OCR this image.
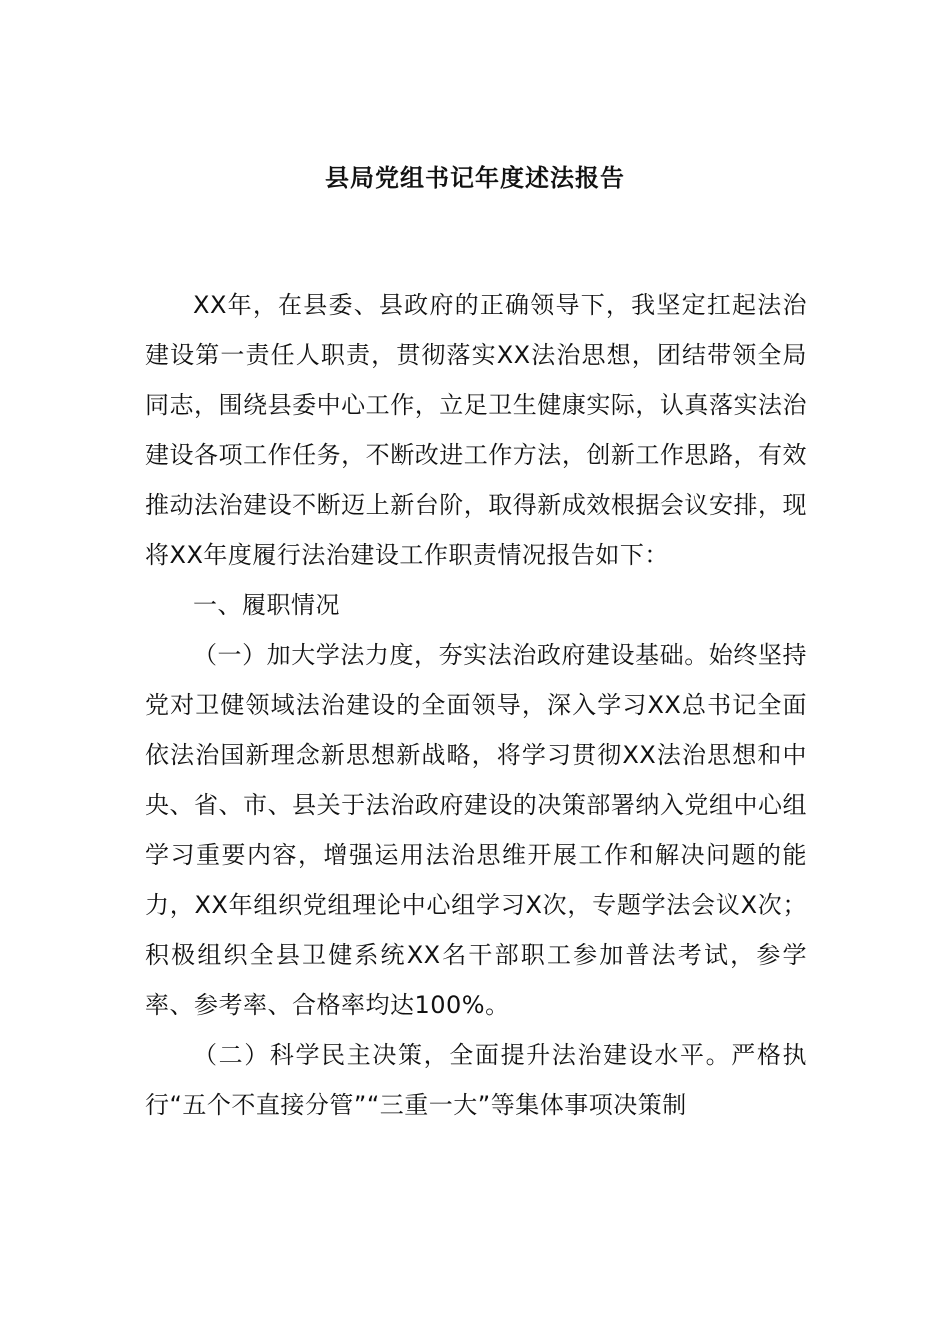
县局党组书记年度述法报告

XX年，在县委、县政府的正确领导下，我坚定扛起法治建设第一责任人职责，贯彻落实XX法治思想，团结带领全局同志，围绕县委中心工作，立足卫生健康实际，认真落实法治建设各项工作任务，不断改进工作方法，创新工作思路，有效推动法治建设不断迈上新台阶，取得新成效根据会议安排，现将XX年度履行法治建设工作职责情况报告如下：

一、履职情况

（一）加大学法力度，夯实法治政府建设基础。始终坚持党对卫健领域法治建设的全面领导，深入学习XX总书记全面依法治国新理念新思想新战略，将学习贯彻XX法治思想和中央、省、市、县关于法治政府建设的决策部署纳入党组中心组学习重要内容，增强运用法治思维开展工作和解决问题的能力，XX年组织党组理论中心组学习X次，专题学法会议X次；积极组织全县卫健系统XX名干部职工参加普法考试，参学率、参考率、合格率均达100%。

（二）科学民主决策，全面提升法治建设水平。严格执行“五个不直接分管”“三重一大”等集体事项决策制
